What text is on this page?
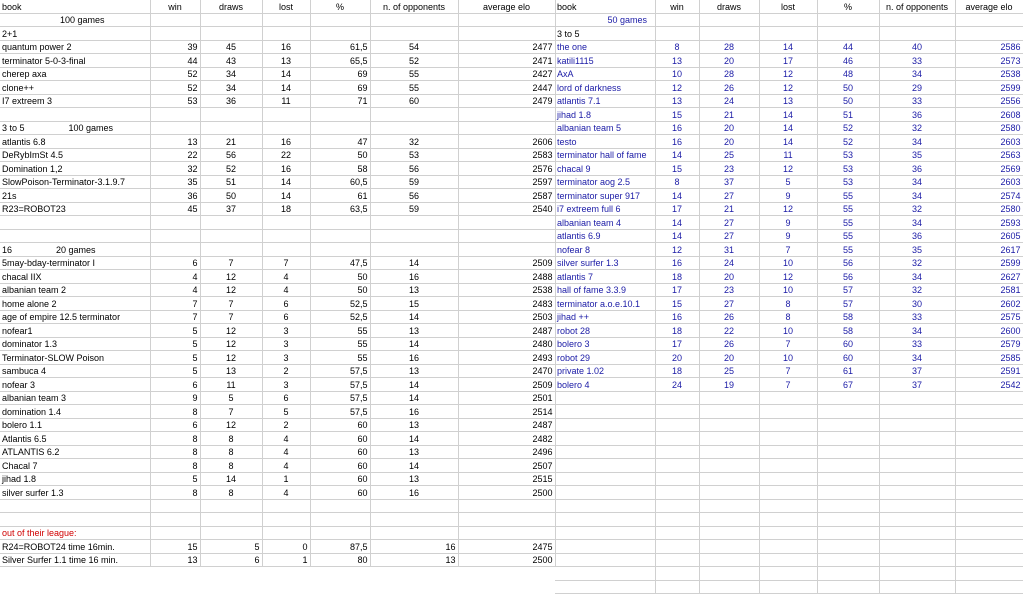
book	win	draws	lost	%	n. of opponents	average elo
100 games						
2+1						
quantum power 2	39	45	16	61,5	54	2477
terminator 5-0-3-final	44	43	13	65,5	52	2471
cherep axa	52	34	14	69	55	2427
clone++	52	34	14	69	55	2447
I7 extreem 3	53	36	11	71	60	2479

3 to 5 100 games						

atlantis 6.8	13	21	16	47	32	2606
DeRybImSt 4.5	22	56	22	50	53	2583
Domination 1,2	32	52	16	58	56	2576
SlowPoison-Terminator-3.1.9.7	35	51	14	60,5	59	2597
21s	36	50	14	61	56	2587
R23=ROBOT23	45	37	18	63,5	59	2540

16 20 games						

5may-bday-terminator I	6	7	7	47,5	14	2509
chacal IIX	4	12	4	50	16	2488
albanian team 2	4	12	4	50	13	2538
home alone 2	7	7	6	52,5	15	2483
age of empire 12.5 terminator	7	7	6	52,5	14	2503
nofear1	5	12	3	55	13	2487
dominator 1.3	5	12	3	55	14	2480
Terminator-SLOW Poison	5	12	3	55	16	2493
sambuca 4	5	13	2	57,5	13	2470
nofear 3	6	11	3	57,5	14	2509
albanian team 3	9	5	6	57,5	14	2501
domination 1.4	8	7	5	57,5	16	2514
bolero 1.1	6	12	2	60	13	2487
Atlantis 6.5	8	8	4	60	14	2482
ATLANTIS 6.2	8	8	4	60	13	2496
Chacal 7	8	8	4	60	14	2507
jihad 1.8	5	14	1	60	13	2515
silver surfer 1.3	8	8	4	60	16	2500

out of their league:						
R24=ROBOT24 time 16min.	15	5	0	87,5	16	2475
Silver Surfer 1.1 time 16 min.	13	6	1	80	13	2500
book	win	draws	lost	%	n. of opponents	average elo
	50 games					
3 to 5						
the one	8	28	14	44	40	2586
katili1115	13	20	17	46	33	2573
AxA	10	28	12	48	34	2538
lord of darkness	12	26	12	50	29	2599
atlantis 7.1	13	24	13	50	33	2556
jihad 1.8	15	21	14	51	36	2608
albanian team 5	16	20	14	52	32	2580
testo	16	20	14	52	34	2603
terminator hall of fame	14	25	11	53	35	2563
chacal 9	15	23	12	53	36	2569
terminator aog 2.5	8	37	5	53	34	2603
terminator super 917	14	27	9	55	34	2574
i7 extreem full 6	17	21	12	55	32	2580
albanian team 4	14	27	9	55	34	2593
atlantis 6.9	14	27	9	55	36	2605
nofear 8	12	31	7	55	35	2617
silver surfer 1.3	16	24	10	56	32	2599
atlantis 7	18	20	12	56	34	2627
hall of fame 3.3.9	17	23	10	57	32	2581
terminator a.o.e.10.1	15	27	8	57	30	2602
jihad ++	16	26	8	58	33	2575
robot 28	18	22	10	58	34	2600
bolero 3	17	26	7	60	33	2579
robot 29	20	20	10	60	34	2585
private 1.02	18	25	7	61	37	2591
bolero 4	24	19	7	67	37	2542
